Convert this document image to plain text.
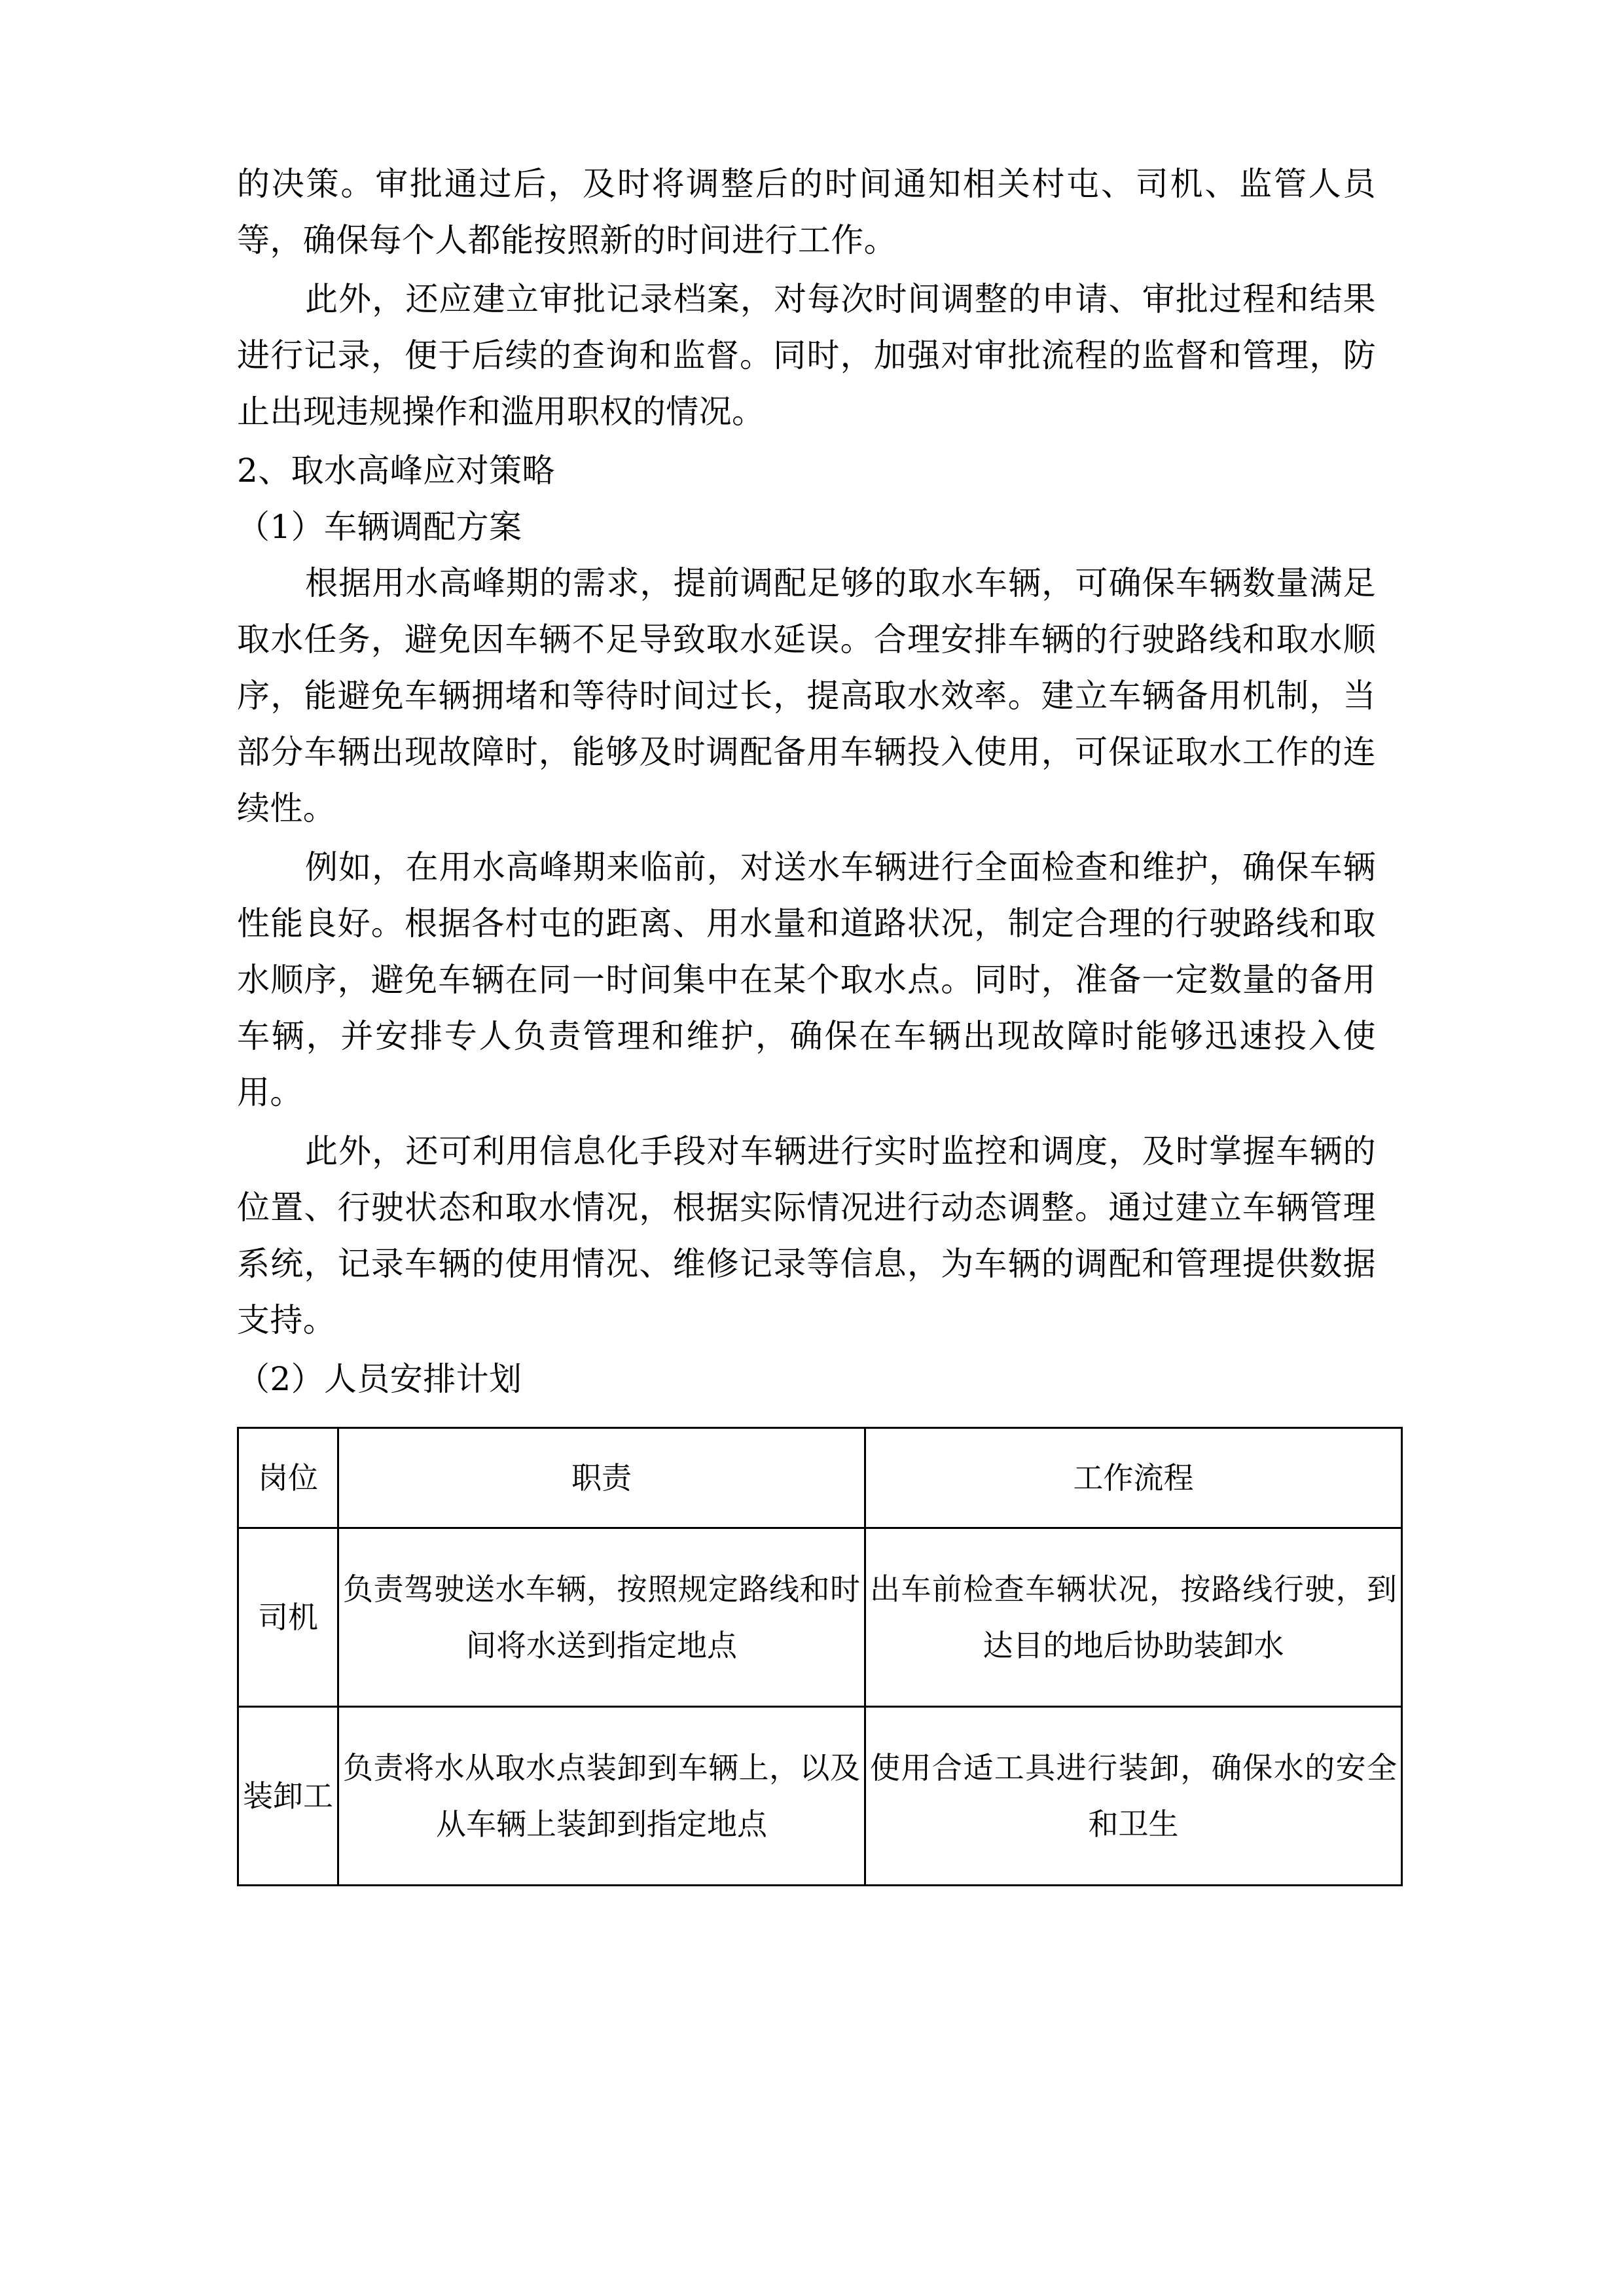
的决策。审批通过后，及时将调整后的时间通知相关村屯、司机、监管人员等，确保每个人都能按照新的时间进行工作。

此外，还应建立审批记录档案，对每次时间调整的申请、审批过程和结果进行记录，便于后续的查询和监督。同时，加强对审批流程的监督和管理，防止出现违规操作和滥用职权的情况。

2、取水高峰应对策略

（1）车辆调配方案

根据用水高峰期的需求，提前调配足够的取水车辆，可确保车辆数量满足取水任务，避免因车辆不足导致取水延误。合理安排车辆的行驶路线和取水顺序，能避免车辆拥堵和等待时间过长，提高取水效率。建立车辆备用机制，当部分车辆出现故障时，能够及时调配备用车辆投入使用，可保证取水工作的连续性。

例如，在用水高峰期来临前，对送水车辆进行全面检查和维护，确保车辆性能良好。根据各村屯的距离、用水量和道路状况，制定合理的行驶路线和取水顺序，避免车辆在同一时间集中在某个取水点。同时，准备一定数量的备用车辆，并安排专人负责管理和维护，确保在车辆出现故障时能够迅速投入使用。

此外，还可利用信息化手段对车辆进行实时监控和调度，及时掌握车辆的位置、行驶状态和取水情况，根据实际情况进行动态调整。通过建立车辆管理系统，记录车辆的使用情况、维修记录等信息，为车辆的调配和管理提供数据支持。

（2）人员安排计划

岗位	职责	工作流程
司机	负责驾驶送水车辆，按照规定路线和时间将水送到指定地点	出车前检查车辆状况，按路线行驶，到达目的地后协助装卸水
装卸工	负责将水从取水点装卸到车辆上，以及从车辆上装卸到指定地点	使用合适工具进行装卸，确保水的安全和卫生
